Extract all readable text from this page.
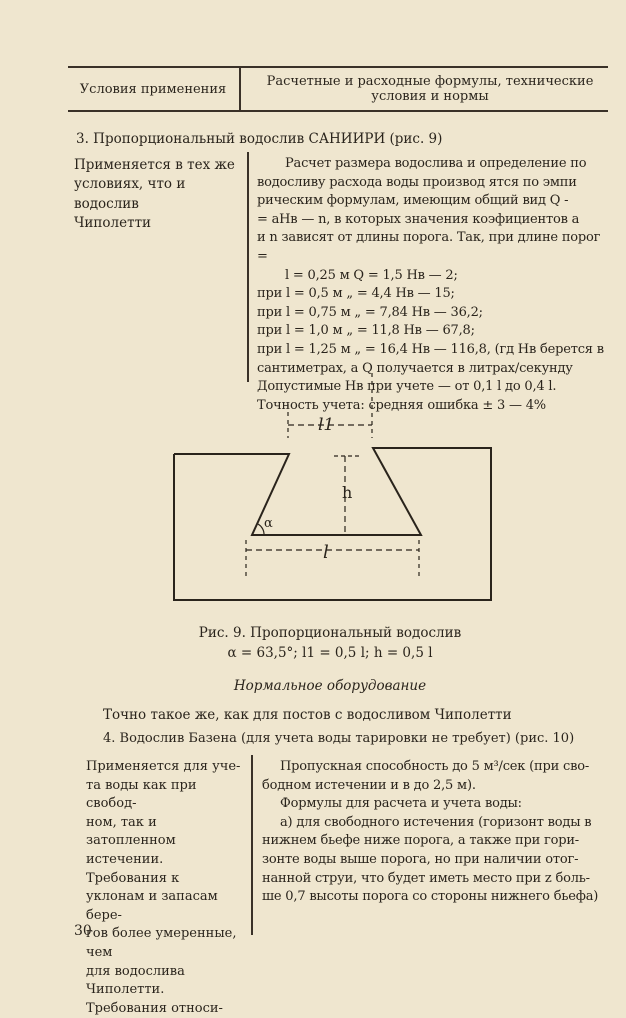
Условия применения
Расчетные и расходные формулы, технические
условия и нормы
3. Пропорциональный водослив САНИИРИ (рис. 9)
Применяется в тех же
условиях, что и водослив
Чиполетти
Расчет размера водослива и определение по
водосливу расхода воды производ ятся по эмпи
рическим формулам, имеющим общий вид Q -
= aHв — n, в которых значения коэфициентов a
и n зависят от длины порога. Так, при длине порог =
l = 0,25 м Q = 1,5 Hв — 2;
при l = 0,5 м „ = 4,4 Hв — 15;
при l = 0,75 м „ = 7,84 Hв — 36,2;
при l = 1,0 м „ = 11,8 Hв — 67,8;
при l = 1,25 м „ = 16,4 Hв — 116,8, (гд Hв берется в
сантиметрах, а Q получается в литрах/секунду
Допустимые Hв при учете — от 0,1 l до 0,4 l.
Точность учета: средняя ошибка ± 3 — 4%
l1
h
α
l
Рис. 9. Пропорциональный водослив
α = 63,5°; l1 = 0,5 l; h = 0,5 l
Нормальное оборудование
Точно такое же, как для постов с водосливом Чиполетти
4. Водослив Базена (для учета воды тарировки не требует) (рис. 10)
Применяется для уче-
та воды как при свобод-
ном, так и затопленном
истечении. Требования к
уклонам и запасам бере-
гов более умеренные, чем
для водослива Чиполетти.
Требования относи-
Пропускная способность до 5 м³/сек (при сво-
бодном истечении и в до 2,5 м).
Формулы для расчета и учета воды:
а) для свободного истечения (горизонт воды в
нижнем бьефе ниже порога, а также при гори-
зонте воды выше порога, но при наличии отог-
нанной струи, что будет иметь место при z боль-
ше 0,7 высоты порога со стороны нижнего бьефа)
30
